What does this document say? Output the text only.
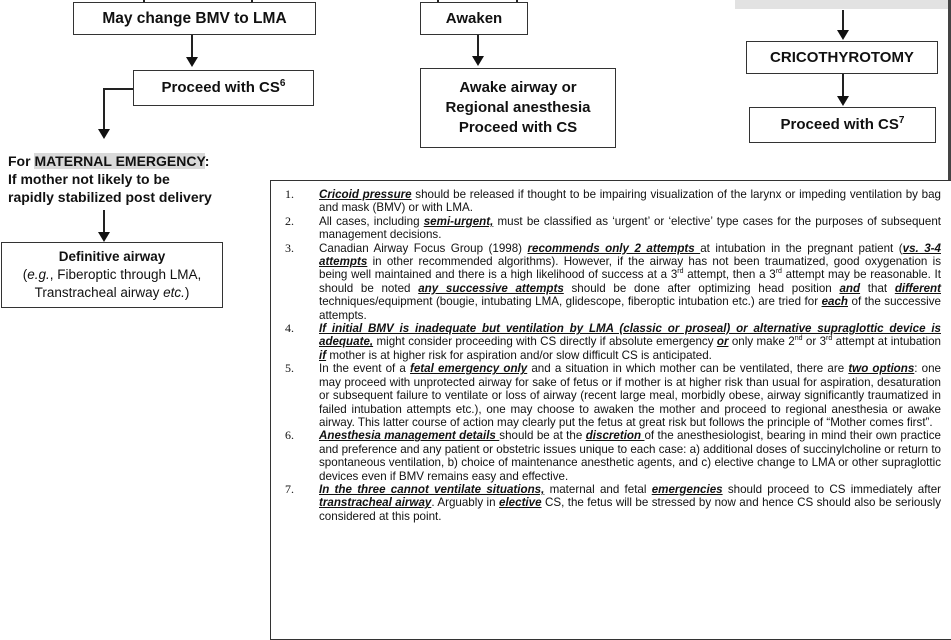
May change BMV to LMA
Proceed with $CS^6$
For MATERNAL EMERGENCY:
If mother not likely to be
rapidly stabilized post delivery
Definitive airway
(e.g., Fiberoptic through LMA,
Transtracheal airway etc.)
Awaken
Awake airway or
Regional anesthesia
Proceed with CS
CRICOTHYROTOMY
Proceed with $CS^7$
1. Cricoid pressure should be released if thought to be impairing visualization of the larynx or impeding ventilation by bag and mask (BMV) or with LMA.
2. All cases, including semi-urgent, must be classified as ‘urgent’ or ‘elective’ type cases for the purposes of subsequent management decisions.
3. Canadian Airway Focus Group (1998) recommends only 2 attempts at intubation in the pregnant patient (vs. 3-4 attempts in other recommended algorithms). However, if the airway has not been traumatized, good oxygenation is being well maintained and there is a high likelihood of success at a 3rd attempt, then a 3rd attempt may be reasonable. It should be noted any successive attempts should be done after optimizing head position and that different techniques/equipment (bougie, intubating LMA, glidescope, fiberoptic intubation etc.) are tried for each of the successive attempts.
4. If initial BMV is inadequate but ventilation by LMA (classic or proseal) or alternative supraglottic device is adequate, might consider proceeding with CS directly if absolute emergency or only make 2nd or 3rd attempt at intubation if mother is at higher risk for aspiration and/or slow difficult CS is anticipated.
5. In the event of a fetal emergency only and a situation in which mother can be ventilated, there are two options: one may proceed with unprotected airway for sake of fetus or if mother is at higher risk than usual for aspiration, desaturation or subsequent failure to ventilate or loss of airway (recent large meal, morbidly obese, airway significantly traumatized in failed intubation attempts etc.), one may choose to awaken the mother and proceed to regional anesthesia or awake airway. This latter course of action may clearly put the fetus at great risk but follows the principle of “Mother comes first”.
6. Anesthesia management details should be at the discretion of the anesthesiologist, bearing in mind their own practice and preference and any patient or obstetric issues unique to each case: a) additional doses of succinylcholine or return to spontaneous ventilation, b) choice of maintenance anesthetic agents, and c) elective change to LMA or other supraglottic devices even if BMV remains easy and effective.
7. In the three cannot ventilate situations, maternal and fetal emergencies should proceed to CS immediately after transtracheal airway. Arguably in elective CS, the fetus will be stressed by now and hence CS should also be seriously considered at this point.
